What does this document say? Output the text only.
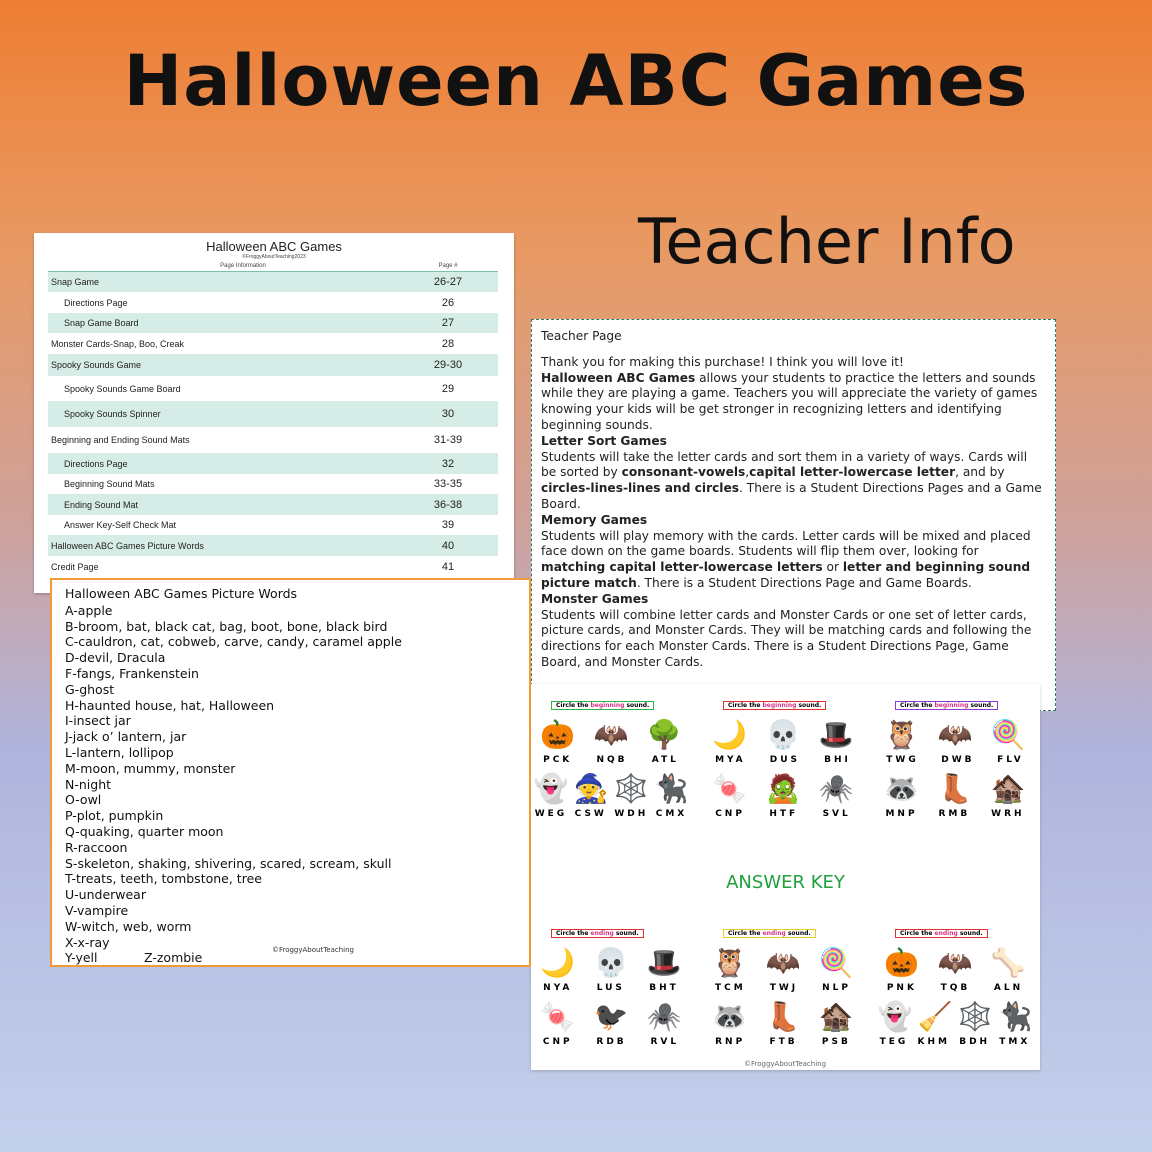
Halloween ABC Games
Teacher Info
Halloween ABC Games
©FroggyAboutTeaching2023
Page Information	Page #
Snap Game	26-27
Directions Page	26
Snap Game Board	27
Monster Cards-Snap, Boo, Creak	28
Spooky Sounds Game	29-30
Spooky Sounds Game Board	29
Spooky Sounds Spinner	30
Beginning and Ending Sound Mats	31-39
Directions Page	32
Beginning Sound Mats	33-35
Ending Sound Mat	36-38
Answer Key-Self Check Mat	39
Halloween ABC Games Picture Words	40
Credit Page	41

Teacher Page

Thank you for making this purchase! I think you will love it!

Halloween ABC Games allows your students to practice the letters and sounds while they are playing a game. Teachers you will appreciate the variety of games knowing your kids will be get stronger in recognizing letters and identifying beginning sounds.

Letter Sort Games

Students will take the letter cards and sort them in a variety of ways. Cards will be sorted by consonant-vowels,capital letter-lowercase letter, and by circles-lines-lines and circles. There is a Student Directions Pages and a Game Board.

Memory Games

Students will play memory with the cards. Letter cards will be mixed and placed face down on the game boards. Students will flip them over, looking for matching capital letter-lowercase letters or letter and beginning sound picture match. There is a Student Directions Page and Game Boards.

Monster Games

Students will combine letter cards and Monster Cards or one set of letter cards, picture cards, and Monster Cards. They will be matching cards and following the directions for each Monster Cards. There is a Student Directions Page, Game Board, and Monster Cards.

Circle the beginning sound.
🎃 🦇 🌳
PCK	NQB	ATL
👻 🧙 🕸️ 🐈‍⬛
WEG CSW WDH CMX
Circle the beginning sound.
🌙 💀 🎩
MYA	DUS	BHI
🍬 🧟 🕷️
CNP	HTF	SVL
Circle the beginning sound.
🦉 🦇 🍭
TWG	DWB	FLV
🦝 👢 🏚️
MNP RMB WRH
Circle the ending sound.
🌙 💀 🎩
NYA	LUS	BHT
🍬 🐦‍⬛ 🕷️
CNP	RDB	RVL
Circle the ending sound.
🦉 🦇 🍭
TCM	TWJ	NLP
🦝 👢 🏚️
RNP	FTB	PSB
Circle the ending sound.
🎃 🦇 🦴
PNK	TQB	ALN
👻 🧹 🕸️ 🐈‍⬛
TEG KHM BDH TMX
ANSWER KEY
©FroggyAboutTeaching
Halloween ABC Games Picture Words
A-apple
B-broom, bat, black cat, bag, boot, bone, black bird
C-cauldron, cat, cobweb, carve, candy, caramel apple
D-devil, Dracula
F-fangs, Frankenstein
G-ghost
H-haunted house, hat, Halloween
I-insect jar
J-jack o’ lantern, jar
L-lantern, lollipop
M-moon, mummy, monster
N-night
O-owl
P-plot, pumpkin
Q-quaking, quarter moon
R-raccoon
S-skeleton, shaking, shivering, scared, scream, skull
T-treats, teeth, tombstone, tree
U-underwear
V-vampire
W-witch, web, worm
X-x-ray
Y-yell	Z-zombie
©FroggyAboutTeaching
